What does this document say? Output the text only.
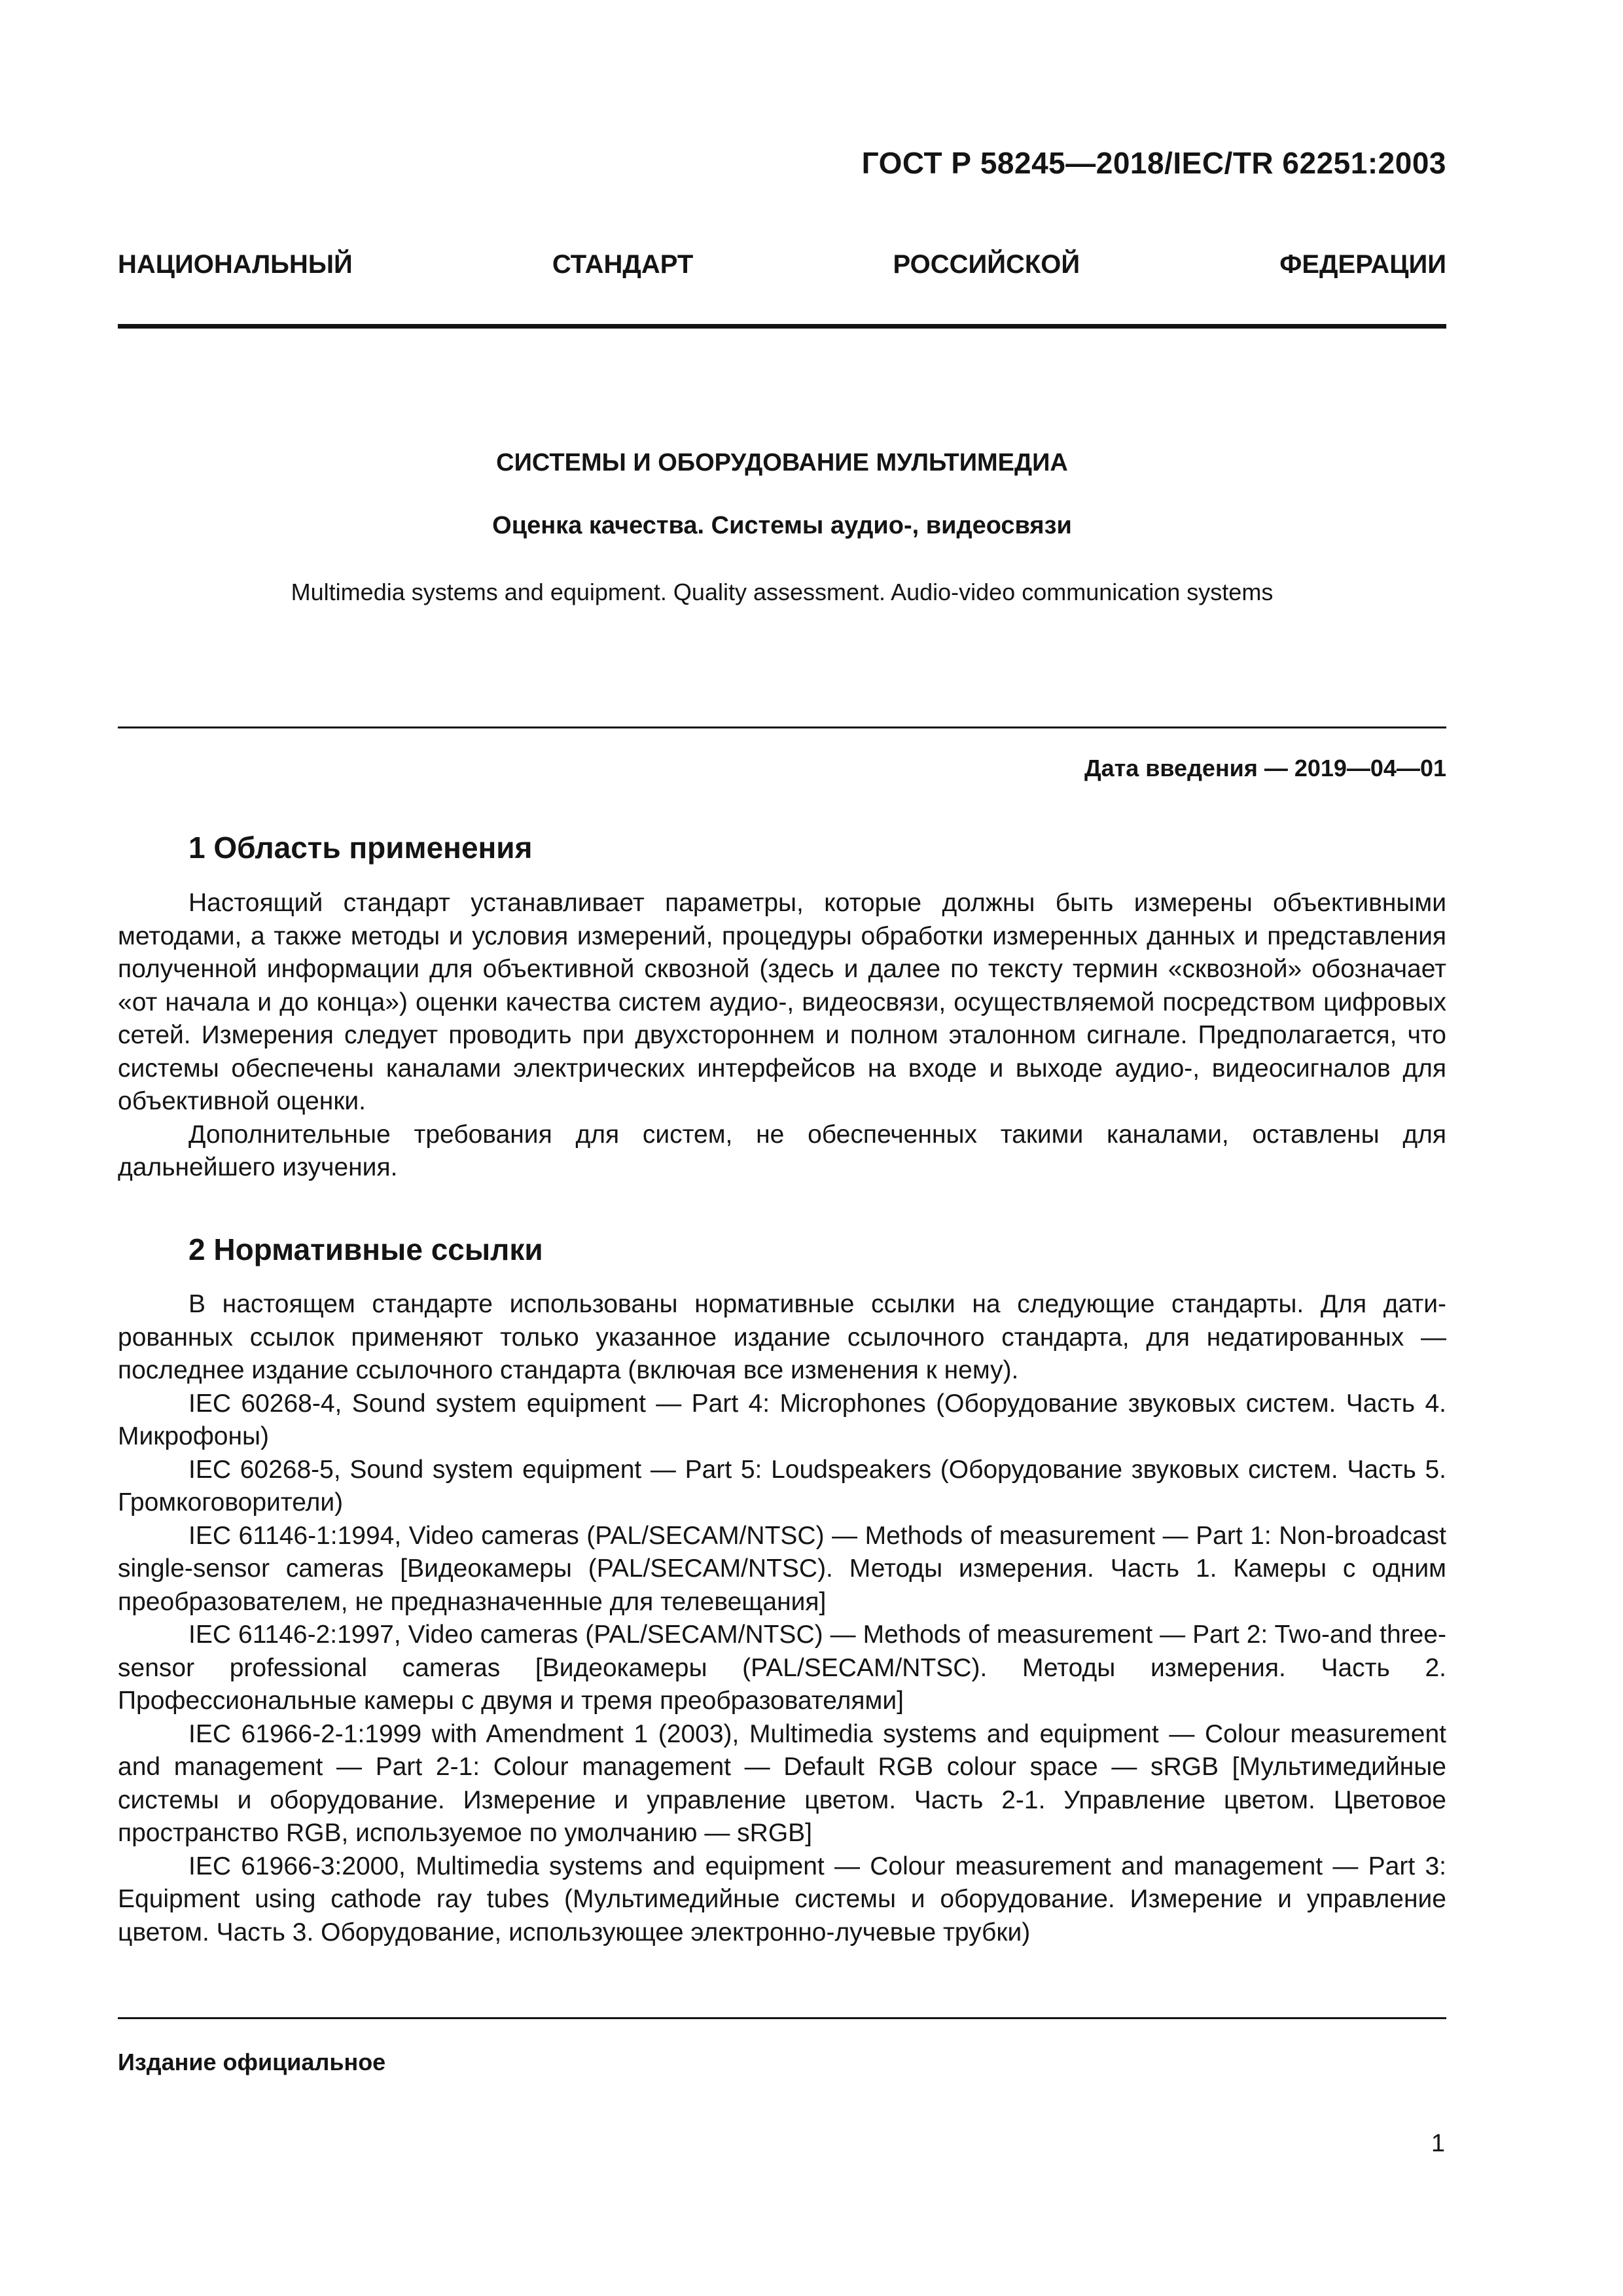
ГОСТ Р 58245—2018/IEC/TR 62251:2003
НАЦИОНАЛЬНЫЙ	СТАНДАРТ	РОССИЙСКОЙ	ФЕДЕРАЦИИ
СИСТЕМЫ И ОБОРУДОВАНИЕ МУЛЬТИМЕДИА
Оценка качества. Системы аудио-, видеосвязи
Multimedia systems and equipment. Quality assessment. Audio-video communication systems
Дата введения — 2019—04—01
1 Область применения

Настоящий стандарт устанавливает параметры, которые должны быть измерены объективными методами, а также методы и условия измерений, процедуры обработки измеренных данных и представления полученной информации для объективной сквозной (здесь и далее по тексту термин «сквозной» обозначает «от начала и до конца») оценки качества систем аудио-, видеосвязи, осуществляемой посредством цифровых сетей. Измерения следует проводить при двухстороннем и полном эталонном сигнале. Предполагается, что системы обеспечены каналами электрических интерфейсов на входе и выходе аудио-, видеосигналов для объективной оценки.

Дополнительные требования для систем, не обеспеченных такими каналами, оставлены для дальнейшего изучения.

2 Нормативные ссылки

В настоящем стандарте использованы нормативные ссылки на следующие стандарты. Для датированных ссылок применяют только указанное издание ссылочного стандарта, для недатированных — последнее издание ссылочного стандарта (включая все изменения к нему).

IEC 60268-4, Sound system equipment — Part 4: Microphones (Оборудование звуковых систем. Часть 4. Микрофоны)

IEC 60268-5, Sound system equipment — Part 5: Loudspeakers (Оборудование звуковых систем. Часть 5. Громкоговорители)

IEC 61146-1:1994, Video cameras (PAL/SECAM/NTSC) — Methods of measurement — Part 1: Non-broadcast single-sensor cameras [Видеокамеры (PAL/SECAM/NTSC). Методы измерения. Часть 1. Камеры с одним преобразователем, не предназначенные для телевещания]

IEC 61146-2:1997, Video cameras (PAL/SECAM/NTSC) — Methods of measurement — Part 2: Two-and three-sensor professional cameras [Видеокамеры (PAL/SECAM/NTSC). Методы измерения. Часть 2. Профессиональные камеры с двумя и тремя преобразователями]

IEC 61966-2-1:1999 with Amendment 1 (2003), Multimedia systems and equipment — Colour measurement and management — Part 2-1: Colour management — Default RGB colour space — sRGB [Мультимедийные системы и оборудование. Измерение и управление цветом. Часть 2-1. Управление цветом. Цветовое пространство RGB, используемое по умолчанию — sRGB]

IEC 61966-3:2000, Multimedia systems and equipment — Colour measurement and management — Part 3: Equipment using cathode ray tubes (Мультимедийные системы и оборудование. Измерение и управление цветом. Часть 3. Оборудование, использующее электронно-лучевые трубки)

Издание официальное
1
